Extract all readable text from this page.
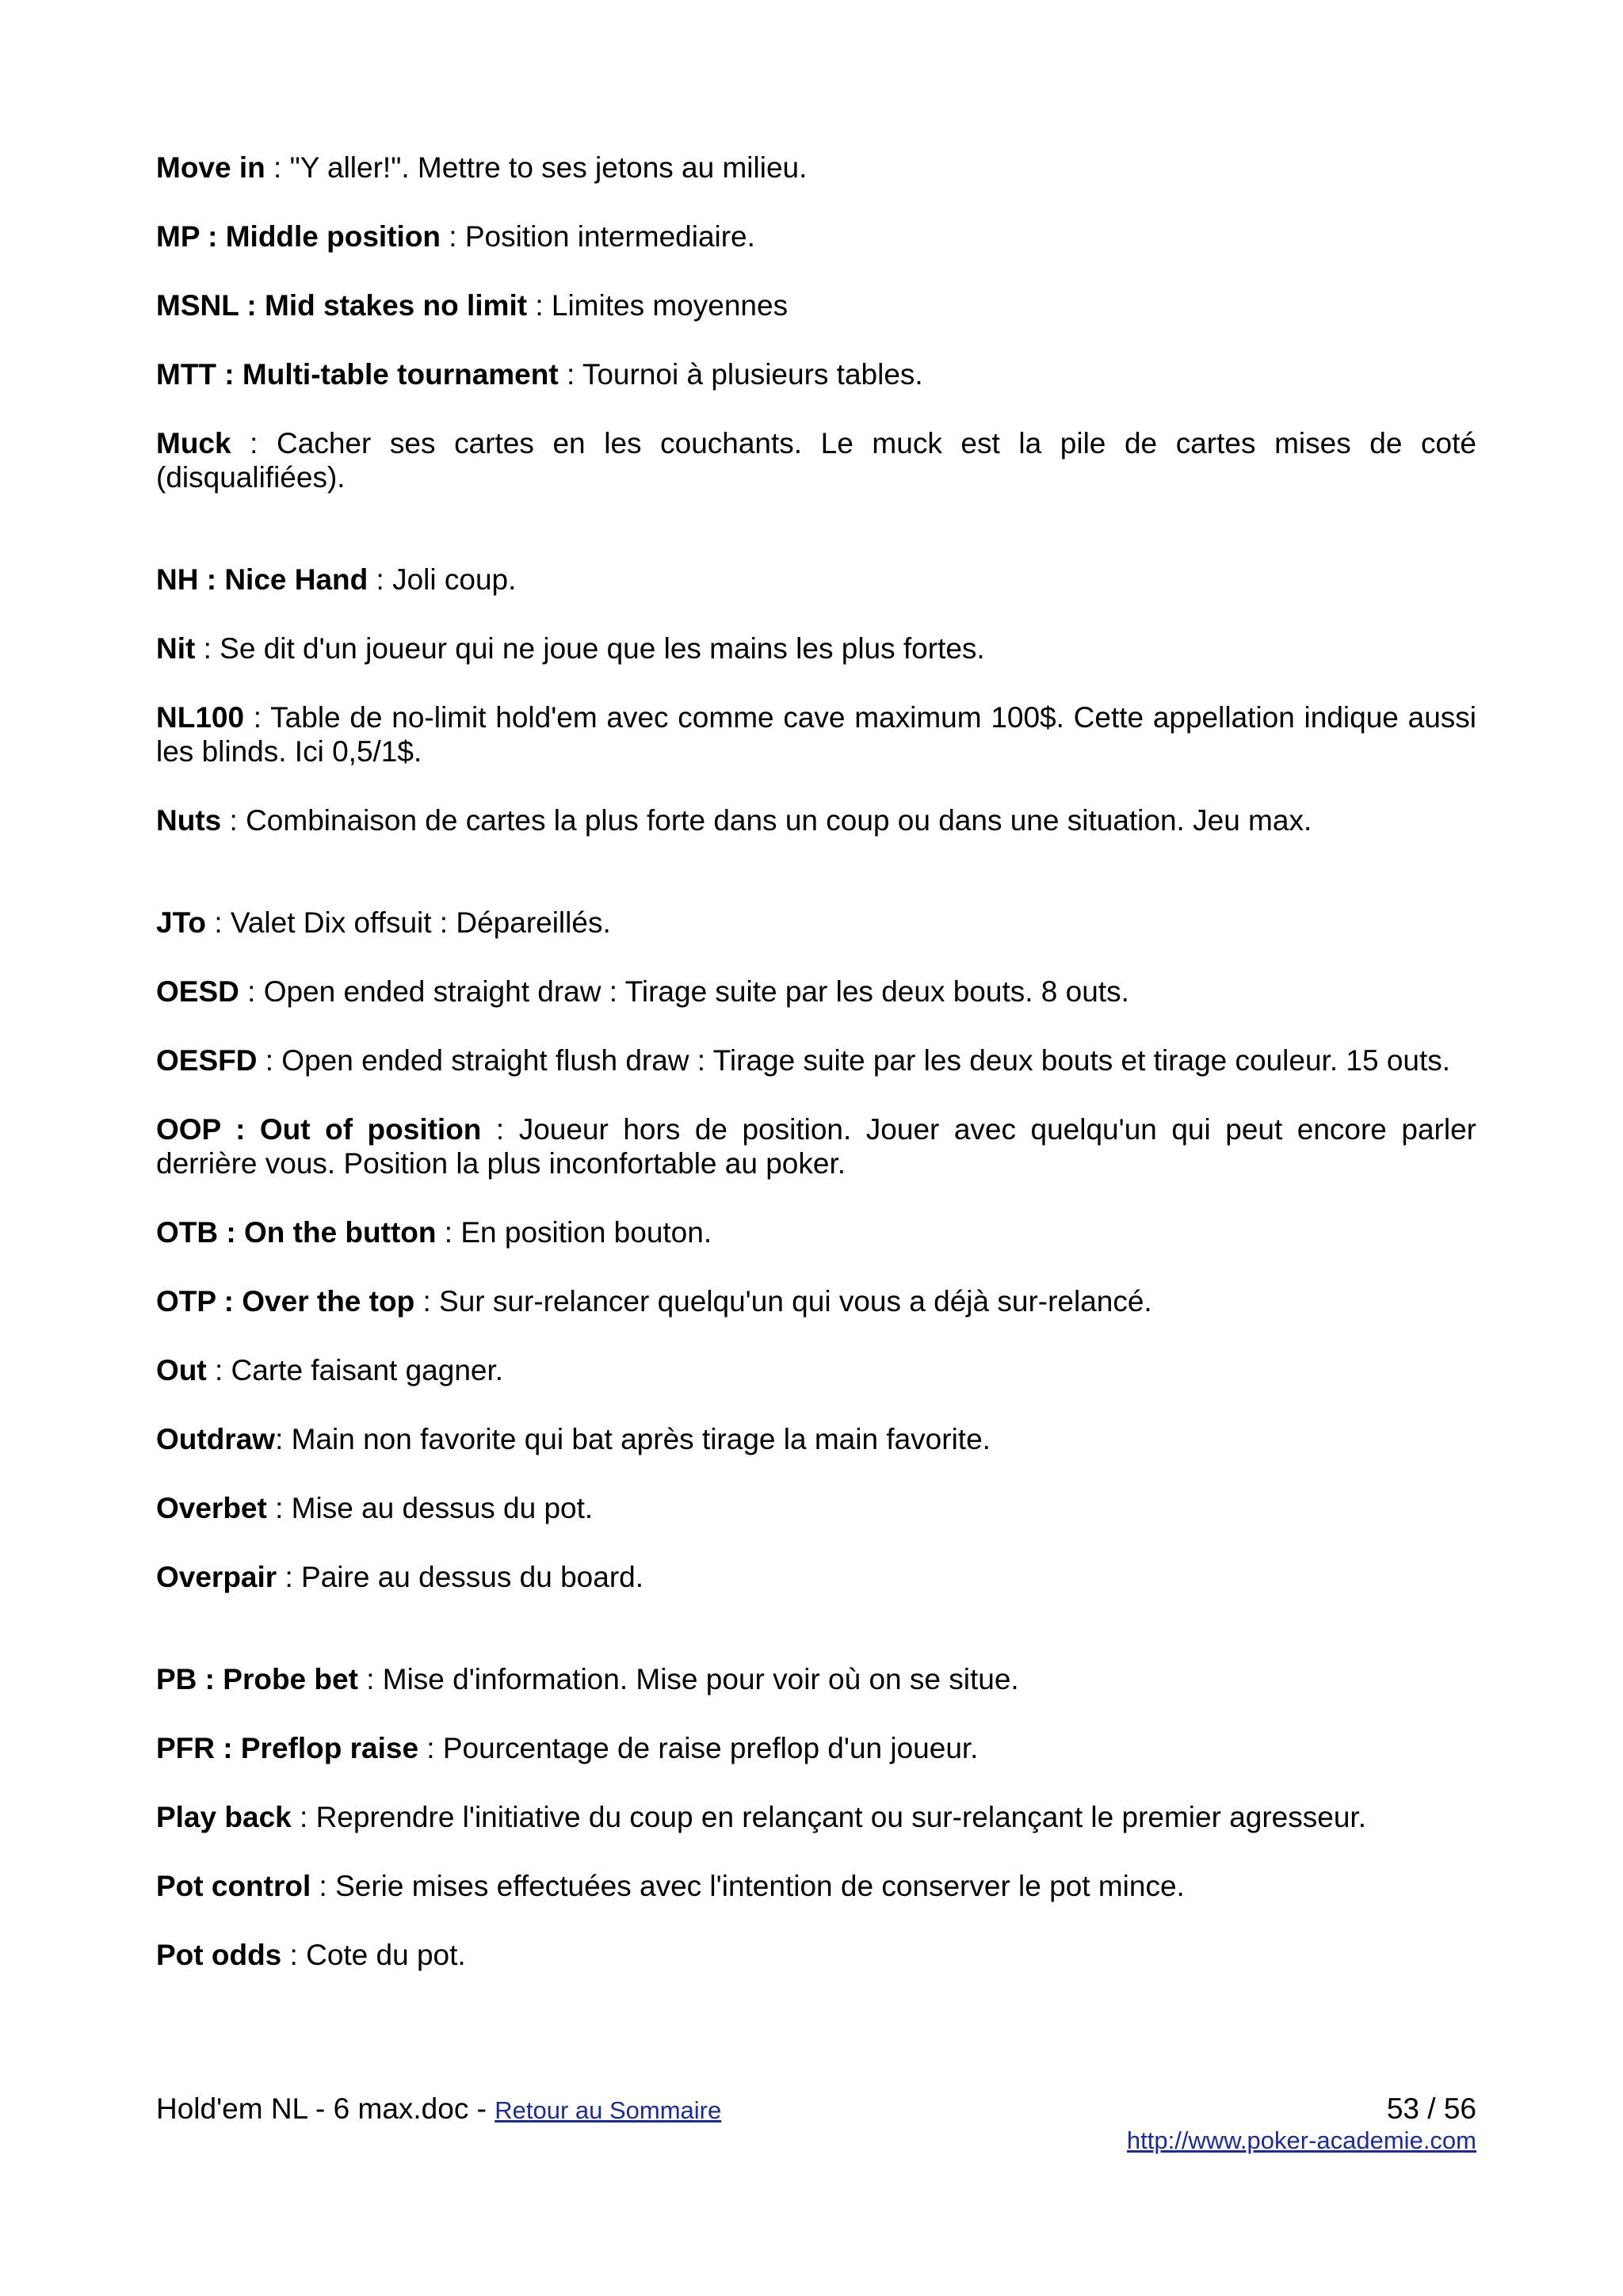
Move in : "Y aller!". Mettre to ses jetons au milieu.

MP : Middle position : Position intermediaire.

MSNL : Mid stakes no limit : Limites moyennes

MTT : Multi-table tournament : Tournoi à plusieurs tables.

Muck : Cacher ses cartes en les couchants. Le muck est la pile de cartes mises de coté (disqualifiées).

NH : Nice Hand : Joli coup.

Nit : Se dit d'un joueur qui ne joue que les mains les plus fortes.

NL100 : Table de no-limit hold'em avec comme cave maximum 100$. Cette appellation indique aussi les blinds. Ici 0,5/1$.

Nuts : Combinaison de cartes la plus forte dans un coup ou dans une situation. Jeu max.

JTo : Valet Dix offsuit : Dépareillés.

OESD : Open ended straight draw : Tirage suite par les deux bouts. 8 outs.

OESFD : Open ended straight flush draw : Tirage suite par les deux bouts et tirage couleur. 15 outs.

OOP : Out of position : Joueur hors de position. Jouer avec quelqu'un qui peut encore parler derrière vous. Position la plus inconfortable au poker.

OTB : On the button : En position bouton.

OTP : Over the top : Sur sur-relancer quelqu'un qui vous a déjà sur-relancé.

Out : Carte faisant gagner.

Outdraw: Main non favorite qui bat après tirage la main favorite.

Overbet : Mise au dessus du pot.

Overpair : Paire au dessus du board.

PB : Probe bet : Mise d'information. Mise pour voir où on se situe.

PFR : Preflop raise : Pourcentage de raise preflop d'un joueur.

Play back : Reprendre l'initiative du coup en relançant ou sur-relançant le premier agresseur.

Pot control : Serie mises effectuées avec l'intention de conserver le pot mince.

Pot odds : Cote du pot.

Hold'em NL - 6 max.doc - Retour au Sommaire	53 / 56
http://www.poker-academie.com
